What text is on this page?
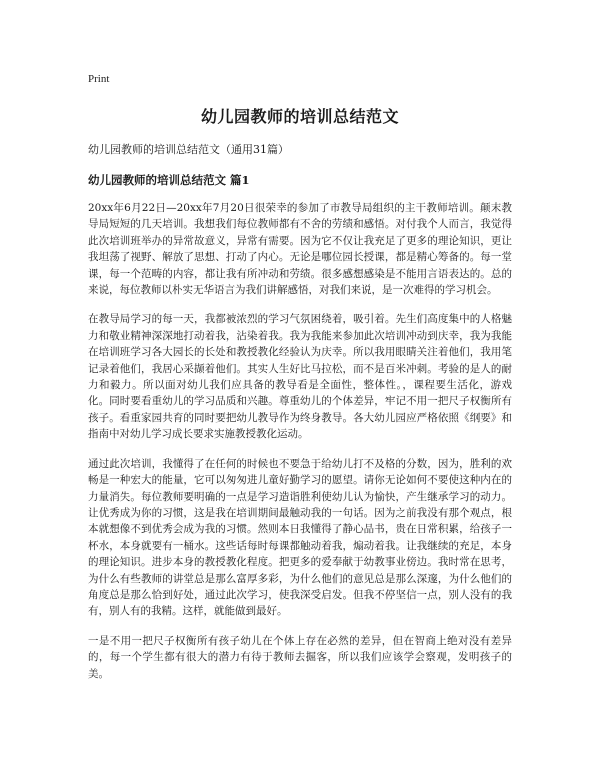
Print
幼儿园教师的培训总结范文
幼儿园教师的培训总结范文（通用31篇）
幼儿园教师的培训总结范文 篇1

20xx年6月22日—20xx年7月20日很荣幸的参加了市教导局组织的主干教师培训。颠末教导局短短的几天培训。我想我们每位教师都有不舍的劳绩和感悟。对付我个人而言，我觉得此次培训班举办的异常故意义，异常有需要。因为它不仅让我充足了更多的理论知识，更让我坦荡了视野、解放了思想、打动了内心。无论是哪位园长授课，都是精心筹备的。每一堂课，每一个范畴的内容，都让我有所冲动和劳绩。很多感想感染是不能用言语表达的。总的来说，每位教师以朴实无华语言为我们讲解感悟，对我们来说，是一次难得的学习机会。

在教导局学习的每一天，我都被浓烈的学习气氛困绕着，吸引着。先生们高度集中的人格魅力和敬业精神深深地打动着我，沾染着我。我为我能来参加此次培训冲动到庆幸，我为我能在培训班学习各大园长的长处和教授教化经验认为庆幸。所以我用眼睛关注着他们，我用笔记录着他们，我居心采撷着他们。其实人生好比马拉松，而不是百米冲刺。考验的是人的耐力和毅力。所以面对幼儿我们应具备的教导看是全面性，整体性。，课程要生活化，游戏化。同时要看重幼儿的学习品质和兴趣。尊重幼儿的个体差异，牢记不用一把尺子权衡所有孩子。看重家园共育的同时要把幼儿教导作为终身教导。各大幼儿园应严格依照《纲要》和指南中对幼儿学习成长要求实施教授教化运动。

通过此次培训，我懂得了在任何的时候也不要急于给幼儿打不及格的分数，因为，胜利的欢畅是一种宏大的能量，它可以匆匆进儿童好勤学习的愿望。请你无论如何不要使这种内在的力量消失。每位教师要明确的一点是学习造诣胜利使幼儿认为愉快，产生继承学习的动力。让优秀成为你的习惯，这是我在培训期间最触动我的一句话。因为之前我没有那个观点，根本就想像不到优秀会成为我的习惯。然则本日我懂得了静心品书，贵在日常积累，给孩子一杯水，本身就要有一桶水。这些话每时每课都触动着我，煽动着我。让我继续的充足，本身的理论知识。进步本身的教授教化程度。把更多的爱奉献于幼教事业傍边。我时常在思考，为什么有些教师的讲堂总是那么富厚多彩，为什么他们的意见总是那么深邃，为什么他们的角度总是那么恰到好处，通过此次学习，使我深受启发。但我不停坚信一点，别人没有的我有，别人有的我精。这样，就能做到最好。

一是不用一把尺子权衡所有孩子幼儿在个体上存在必然的差异，但在智商上绝对没有差异的，每一个学生都有很大的潜力有待于教师去掘客，所以我们应该学会察观，发明孩子的美。
